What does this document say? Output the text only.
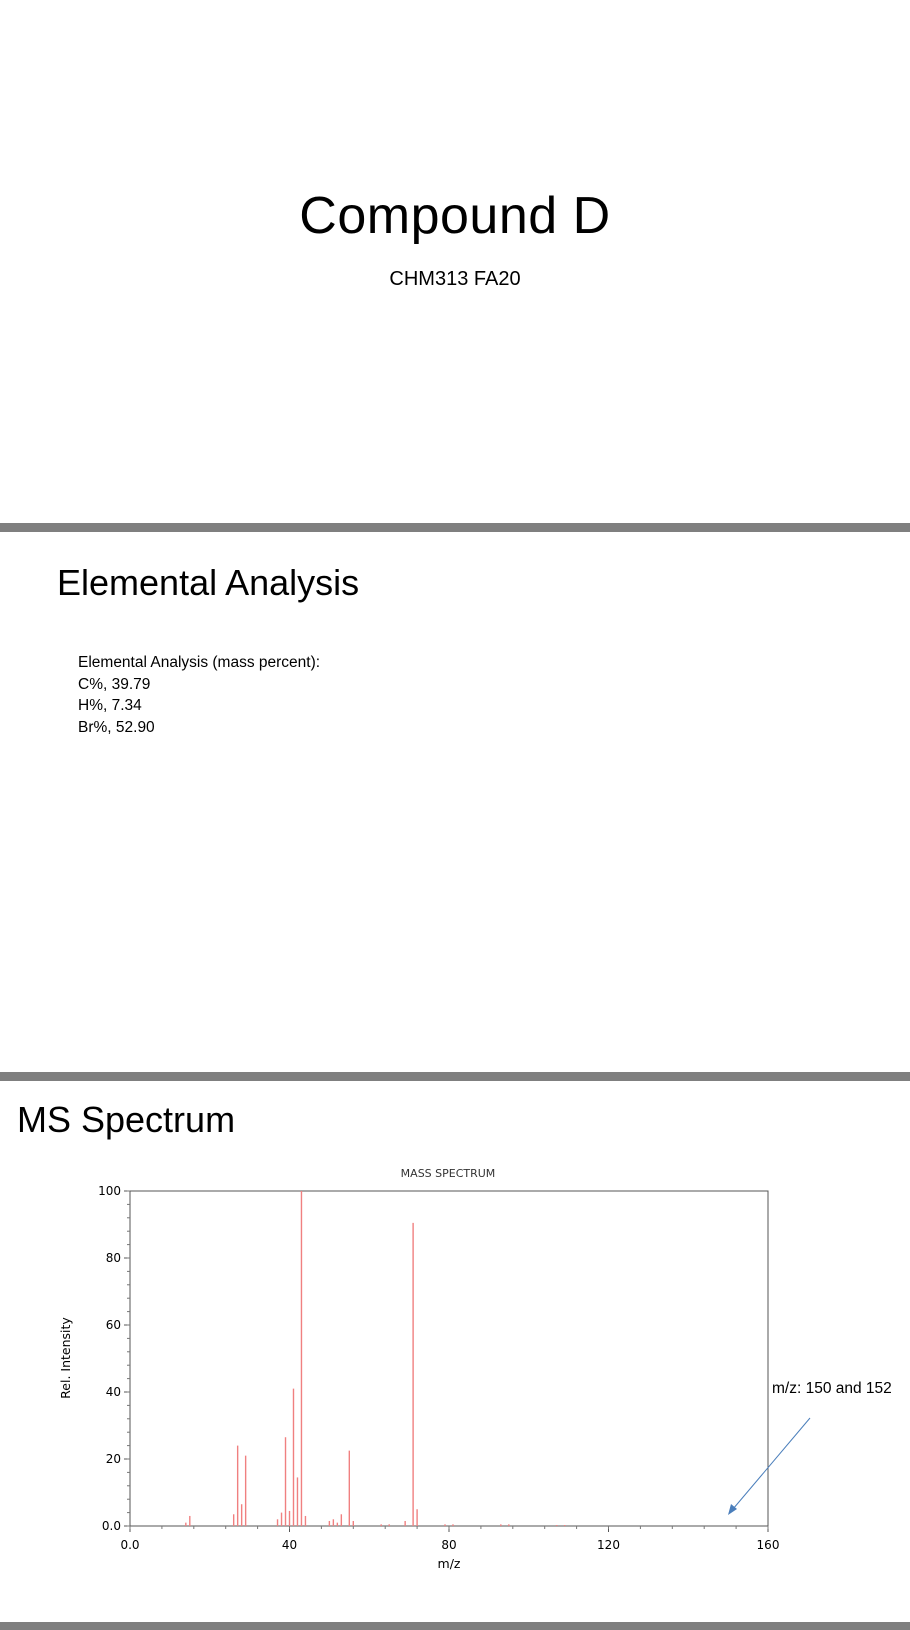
Compound D
CHM313 FA20
Elemental Analysis
Elemental Analysis (mass percent):
C%, 39.79
H%, 7.34
Br%, 52.90
MS Spectrum
MASS SPECTRUM
0.0
20
40
60
80
100
0.0	40	80	120	160
Rel. Intensity
m/z
m/z: 150 and 152
